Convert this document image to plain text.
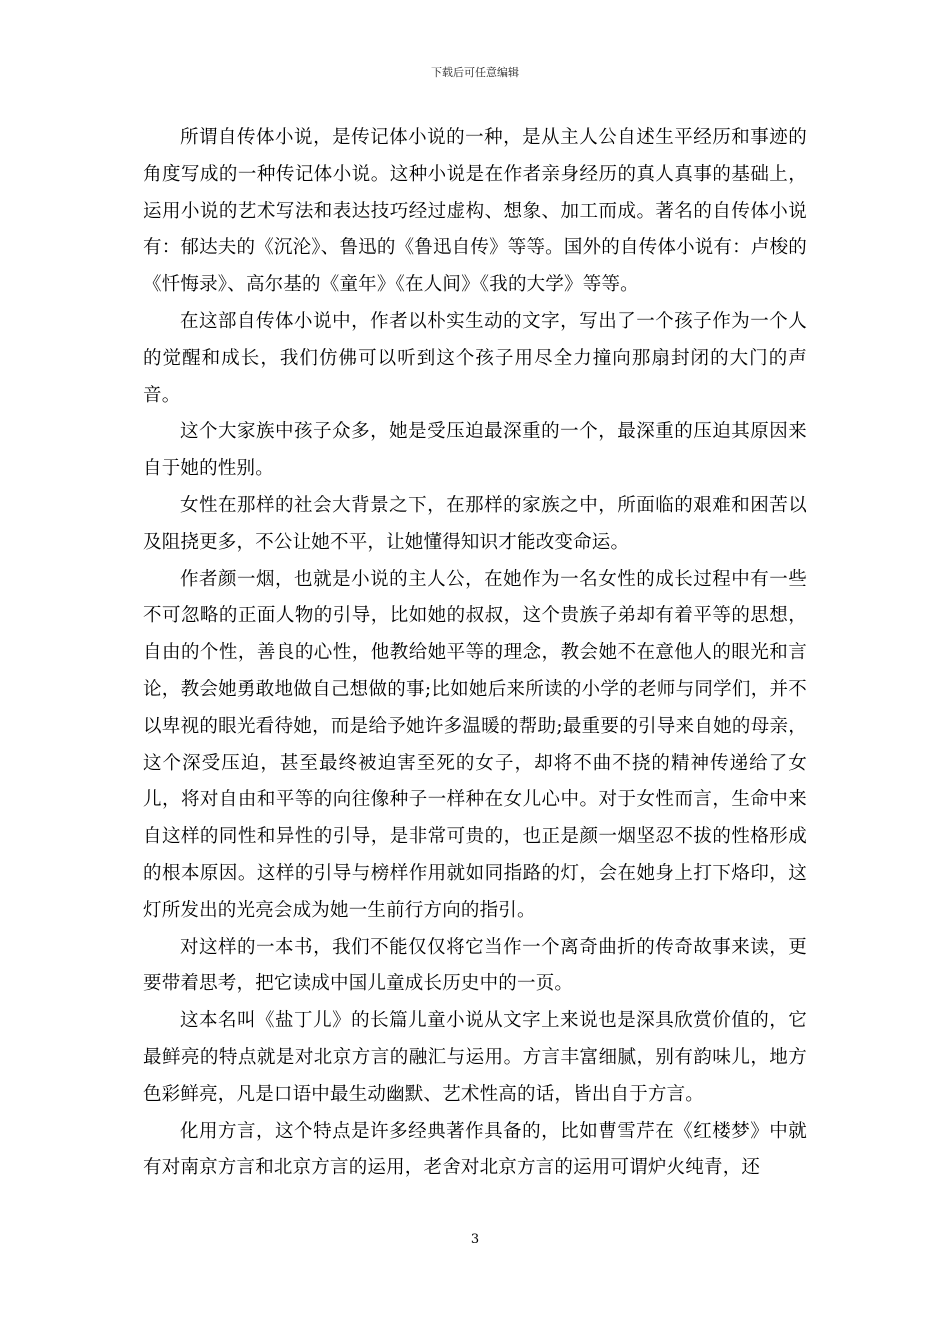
下载后可任意编辑

所谓自传体小说，是传记体小说的一种，是从主人公自述生平经历和事迹的角度写成的一种传记体小说。这种小说是在作者亲身经历的真人真事的基础上，运用小说的艺术写法和表达技巧经过虚构、想象、加工而成。著名的自传体小说有：郁达夫的《沉沦》、鲁迅的《鲁迅自传》等等。国外的自传体小说有：卢梭的《忏悔录》、高尔基的《童年》《在人间》《我的大学》等等。

在这部自传体小说中，作者以朴实生动的文字，写出了一个孩子作为一个人的觉醒和成长，我们仿佛可以听到这个孩子用尽全力撞向那扇封闭的大门的声音。

这个大家族中孩子众多，她是受压迫最深重的一个，最深重的压迫其原因来自于她的性别。

女性在那样的社会大背景之下，在那样的家族之中，所面临的艰难和困苦以及阻挠更多，不公让她不平，让她懂得知识才能改变命运。

作者颜一烟，也就是小说的主人公，在她作为一名女性的成长过程中有一些不可忽略的正面人物的引导，比如她的叔叔，这个贵族子弟却有着平等的思想，自由的个性，善良的心性，他教给她平等的理念，教会她不在意他人的眼光和言论，教会她勇敢地做自己想做的事;比如她后来所读的小学的老师与同学们，并不以卑视的眼光看待她，而是给予她许多温暖的帮助;最重要的引导来自她的母亲，这个深受压迫，甚至最终被迫害至死的女子，却将不曲不挠的精神传递给了女儿，将对自由和平等的向往像种子一样种在女儿心中。对于女性而言，生命中来自这样的同性和异性的引导，是非常可贵的，也正是颜一烟坚忍不拔的性格形成的根本原因。这样的引导与榜样作用就如同指路的灯，会在她身上打下烙印，这灯所发出的光亮会成为她一生前行方向的指引。

对这样的一本书，我们不能仅仅将它当作一个离奇曲折的传奇故事来读，更要带着思考，把它读成中国儿童成长历史中的一页。

这本名叫《盐丁儿》的长篇儿童小说从文字上来说也是深具欣赏价值的，它最鲜亮的特点就是对北京方言的融汇与运用。方言丰富细腻，别有韵味儿，地方色彩鲜亮，凡是口语中最生动幽默、艺术性高的话，皆出自于方言。

化用方言，这个特点是许多经典著作具备的，比如曹雪芹在《红楼梦》中就有对南京方言和北京方言的运用，老舍对北京方言的运用可谓炉火纯青，还

3
